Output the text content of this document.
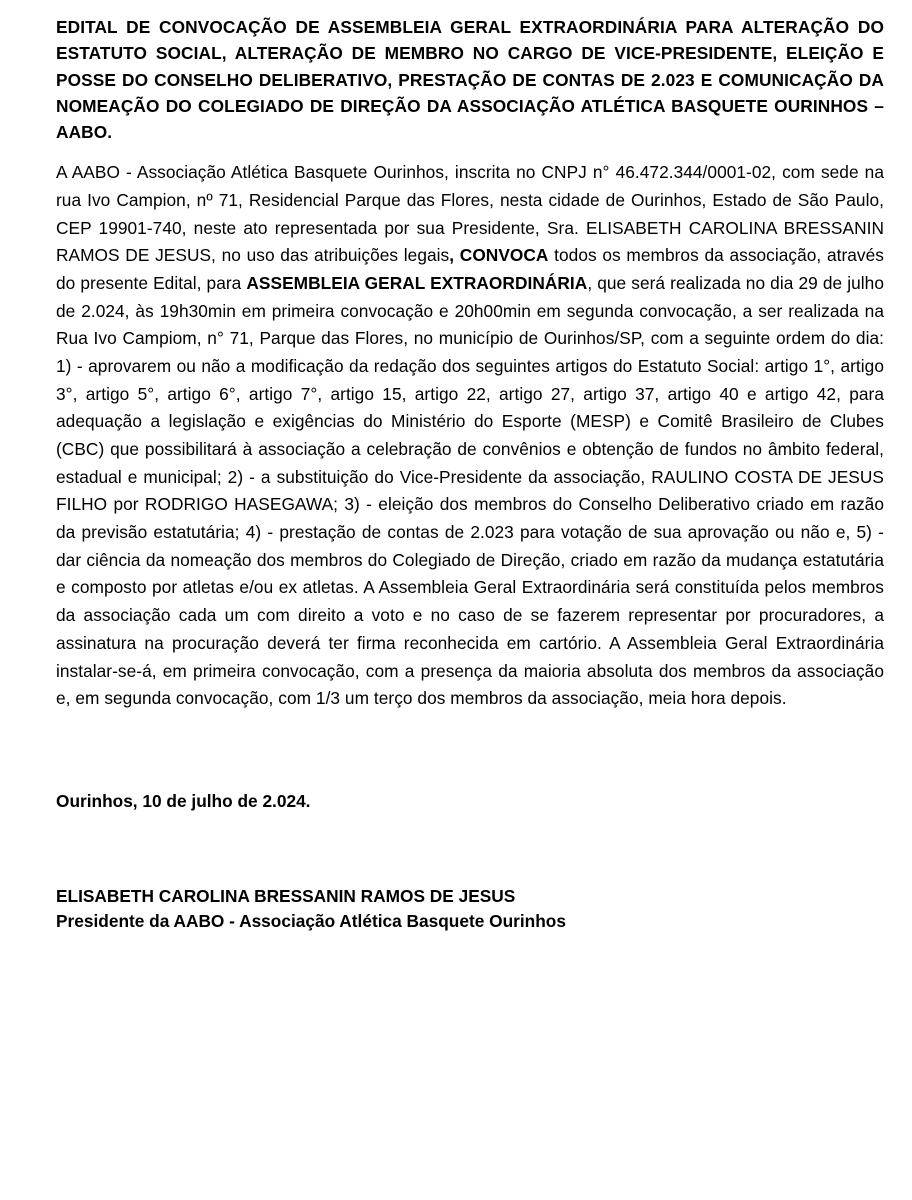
EDITAL DE CONVOCAÇÃO DE ASSEMBLEIA GERAL EXTRAORDINÁRIA PARA ALTERAÇÃO DO ESTATUTO SOCIAL, ALTERAÇÃO DE MEMBRO NO CARGO DE VICE-PRESIDENTE, ELEIÇÃO E POSSE DO CONSELHO DELIBERATIVO, PRESTAÇÃO DE CONTAS DE 2.023 E COMUNICAÇÃO DA NOMEAÇÃO DO COLEGIADO DE DIREÇÃO DA ASSOCIAÇÃO ATLÉTICA BASQUETE OURINHOS – AABO.

A AABO - Associação Atlética Basquete Ourinhos, inscrita no CNPJ n° 46.472.344/0001-02, com sede na rua Ivo Campion, nº 71, Residencial Parque das Flores, nesta cidade de Ourinhos, Estado de São Paulo, CEP 19901-740, neste ato representada por sua Presidente, Sra. ELISABETH CAROLINA BRESSANIN RAMOS DE JESUS, no uso das atribuições legais, CONVOCA todos os membros da associação, através do presente Edital, para ASSEMBLEIA GERAL EXTRAORDINÁRIA, que será realizada no dia 29 de julho de 2.024, às 19h30min em primeira convocação e 20h00min em segunda convocação, a ser realizada na Rua Ivo Campiom, n° 71, Parque das Flores, no município de Ourinhos/SP, com a seguinte ordem do dia: 1) - aprovarem ou não a modificação da redação dos seguintes artigos do Estatuto Social: artigo 1°, artigo 3°, artigo 5°, artigo 6°, artigo 7°, artigo 15, artigo 22, artigo 27, artigo 37, artigo 40 e artigo 42, para adequação a legislação e exigências do Ministério do Esporte (MESP) e Comitê Brasileiro de Clubes (CBC) que possibilitará à associação a celebração de convênios e obtenção de fundos no âmbito federal, estadual e municipal; 2) - a substituição do Vice-Presidente da associação, RAULINO COSTA DE JESUS FILHO por RODRIGO HASEGAWA; 3) - eleição dos membros do Conselho Deliberativo criado em razão da previsão estatutária; 4) - prestação de contas de 2.023 para votação de sua aprovação ou não e, 5) - dar ciência da nomeação dos membros do Colegiado de Direção, criado em razão da mudança estatutária e composto por atletas e/ou ex atletas. A Assembleia Geral Extraordinária será constituída pelos membros da associação cada um com direito a voto e no caso de se fazerem representar por procuradores, a assinatura na procuração deverá ter firma reconhecida em cartório. A Assembleia Geral Extraordinária instalar-se-á, em primeira convocação, com a presença da maioria absoluta dos membros da associação e, em segunda convocação, com 1/3 um terço dos membros da associação, meia hora depois.

Ourinhos, 10 de julho de 2.024.

ELISABETH CAROLINA BRESSANIN RAMOS DE JESUS
Presidente da AABO - Associação Atlética Basquete Ourinhos
